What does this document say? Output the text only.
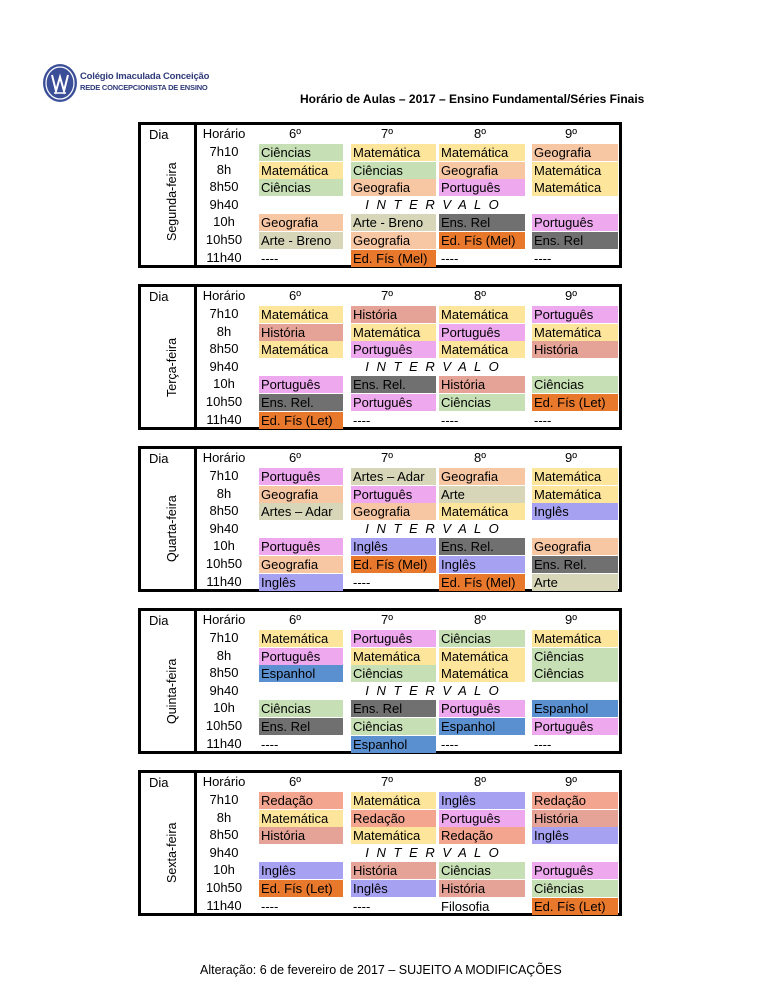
Colégio Imaculada Conceição
REDE CONCEPCIONISTA DE ENSINO
Horário de Aulas – 2017 – Ensino Fundamental/Séries Finais
Dia
Segunda-feira
Horário	6º	7º	8º	9º
7h10	Ciências	Matemática	Matemática	Geografia
8h	Matemática	Ciências	Geografia	Matemática
8h50	Ciências	Geografia	Português	Matemática
9h40	I N T E R V A L O
10h	Geografia	Arte - Breno	Ens. Rel	Português
10h50	Arte - Breno	Geografia	Ed. Fís (Mel)	Ens. Rel
11h40	----	Ed. Fís (Mel)	----	----
Dia
Terça-feira
Horário	6º	7º	8º	9º
7h10	Matemática	História	Matemática	Português
8h	História	Matemática	Português	Matemática
8h50	Matemática	Português	Matemática	História
9h40	I N T E R V A L O
10h	Português	Ens. Rel.	História	Ciências
10h50	Ens. Rel.	Português	Ciências	Ed. Fís (Let)
11h40	Ed. Fís (Let)	----	----	----
Dia
Quarta-feira
Horário	6º	7º	8º	9º
7h10	Português	Artes – Adar	Geografia	Matemática
8h	Geografia	Português	Arte	Matemática
8h50	Artes – Adar	Geografia	Matemática	Inglês
9h40	I N T E R V A L O
10h	Português	Inglês	Ens. Rel.	Geografia
10h50	Geografia	Ed. Fís (Mel)	Inglês	Ens. Rel.
11h40	Inglês	----	Ed. Fís (Mel)	Arte
Dia
Quinta-feira
Horário	6º	7º	8º	9º
7h10	Matemática	Português	Ciências	Matemática
8h	Português	Matemática	Matemática	Ciências
8h50	Espanhol	Ciências	Matemática	Ciências
9h40	I N T E R V A L O
10h	Ciências	Ens. Rel	Português	Espanhol
10h50	Ens. Rel	Ciências	Espanhol	Português
11h40	----	Espanhol	----	----
Dia
Sexta-feira
Horário	6º	7º	8º	9º
7h10	Redação	Matemática	Inglês	Redação
8h	Matemática	Redação	Português	História
8h50	História	Matemática	Redação	Inglês
9h40	I N T E R V A L O
10h	Inglês	História	Ciências	Português
10h50	Ed. Fís (Let)	Inglês	História	Ciências
11h40	----	----	Filosofia	Ed. Fís (Let)
Alteração: 6 de fevereiro de 2017 – SUJEITO A MODIFICAÇÕES
